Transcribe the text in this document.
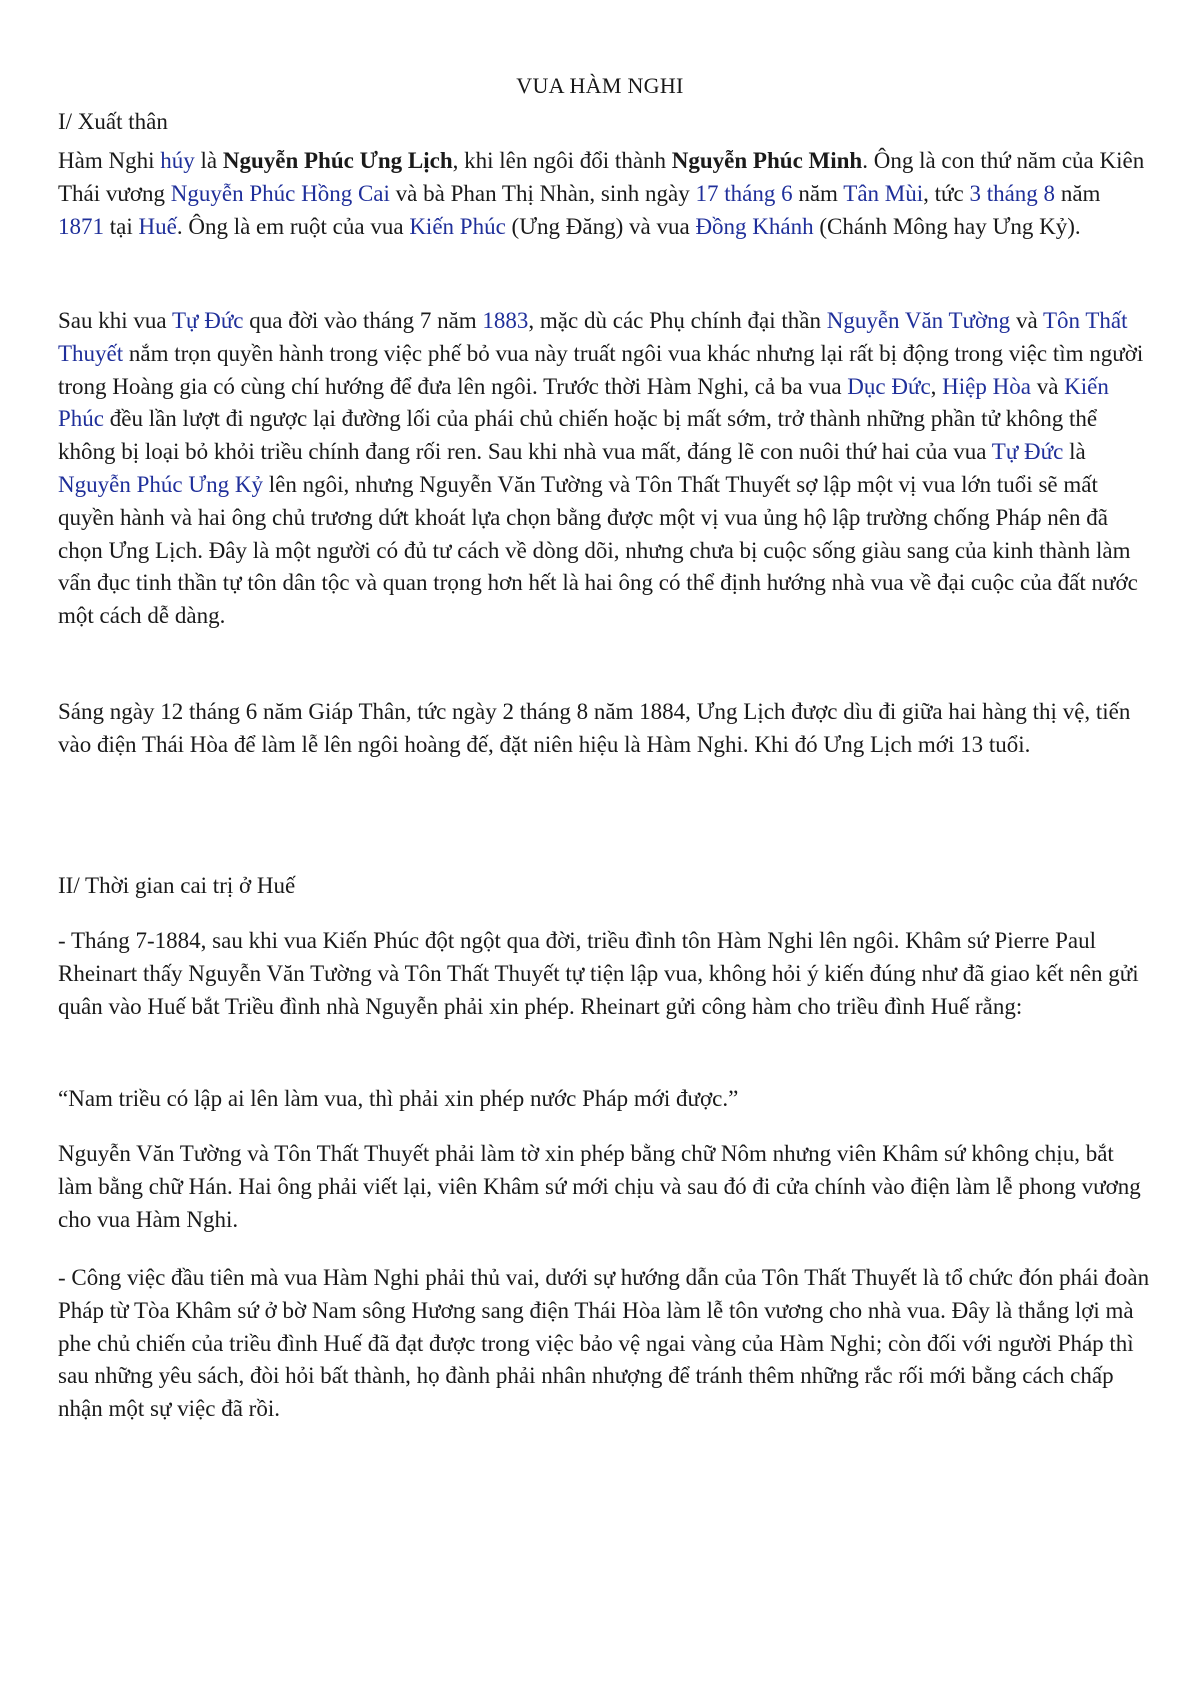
VUA HÀM NGHI
I/ Xuất thân

Hàm Nghi húy là Nguyễn Phúc Ưng Lịch, khi lên ngôi đổi thành Nguyễn Phúc Minh. Ông là con thứ năm của Kiên Thái vương Nguyễn Phúc Hồng Cai và bà Phan Thị Nhàn, sinh ngày 17 tháng 6 năm Tân Mùi, tức 3 tháng 8 năm 1871 tại Huế. Ông là em ruột của vua Kiến Phúc (Ưng Đăng) và vua Đồng Khánh (Chánh Mông hay Ưng Kỷ).

Sau khi vua Tự Đức qua đời vào tháng 7 năm 1883, mặc dù các Phụ chính đại thần Nguyễn Văn Tường và Tôn Thất Thuyết nắm trọn quyền hành trong việc phế bỏ vua này truất ngôi vua khác nhưng lại rất bị động trong việc tìm người trong Hoàng gia có cùng chí hướng để đưa lên ngôi. Trước thời Hàm Nghi, cả ba vua Dục Đức, Hiệp Hòa và Kiến Phúc đều lần lượt đi ngược lại đường lối của phái chủ chiến hoặc bị mất sớm, trở thành những phần tử không thể không bị loại bỏ khỏi triều chính đang rối ren. Sau khi nhà vua mất, đáng lẽ con nuôi thứ hai của vua Tự Đức là Nguyễn Phúc Ưng Kỷ lên ngôi, nhưng Nguyễn Văn Tường và Tôn Thất Thuyết sợ lập một vị vua lớn tuổi sẽ mất quyền hành và hai ông chủ trương dứt khoát lựa chọn bằng được một vị vua ủng hộ lập trường chống Pháp nên đã chọn Ưng Lịch. Đây là một người có đủ tư cách về dòng dõi, nhưng chưa bị cuộc sống giàu sang của kinh thành làm vẩn đục tinh thần tự tôn dân tộc và quan trọng hơn hết là hai ông có thể định hướng nhà vua về đại cuộc của đất nước một cách dễ dàng.

Sáng ngày 12 tháng 6 năm Giáp Thân, tức ngày 2 tháng 8 năm 1884, Ưng Lịch được dìu đi giữa hai hàng thị vệ, tiến vào điện Thái Hòa để làm lễ lên ngôi hoàng đế, đặt niên hiệu là Hàm Nghi. Khi đó Ưng Lịch mới 13 tuổi.

II/ Thời gian cai trị ở Huế

- Tháng 7-1884, sau khi vua Kiến Phúc đột ngột qua đời, triều đình tôn Hàm Nghi lên ngôi. Khâm sứ Pierre Paul Rheinart thấy Nguyễn Văn Tường và Tôn Thất Thuyết tự tiện lập vua, không hỏi ý kiến đúng như đã giao kết nên gửi quân vào Huế bắt Triều đình nhà Nguyễn phải xin phép. Rheinart gửi công hàm cho triều đình Huế rằng:

“Nam triều có lập ai lên làm vua, thì phải xin phép nước Pháp mới được.”

Nguyễn Văn Tường và Tôn Thất Thuyết phải làm tờ xin phép bằng chữ Nôm nhưng viên Khâm sứ không chịu, bắt làm bằng chữ Hán. Hai ông phải viết lại, viên Khâm sứ mới chịu và sau đó đi cửa chính vào điện làm lễ phong vương cho vua Hàm Nghi.

- Công việc đầu tiên mà vua Hàm Nghi phải thủ vai, dưới sự hướng dẫn của Tôn Thất Thuyết là tổ chức đón phái đoàn Pháp từ Tòa Khâm sứ ở bờ Nam sông Hương sang điện Thái Hòa làm lễ tôn vương cho nhà vua. Đây là thắng lợi mà phe chủ chiến của triều đình Huế đã đạt được trong việc bảo vệ ngai vàng của Hàm Nghi; còn đối với người Pháp thì sau những yêu sách, đòi hỏi bất thành, họ đành phải nhân nhượng để tránh thêm những rắc rối mới bằng cách chấp nhận một sự việc đã rồi.
